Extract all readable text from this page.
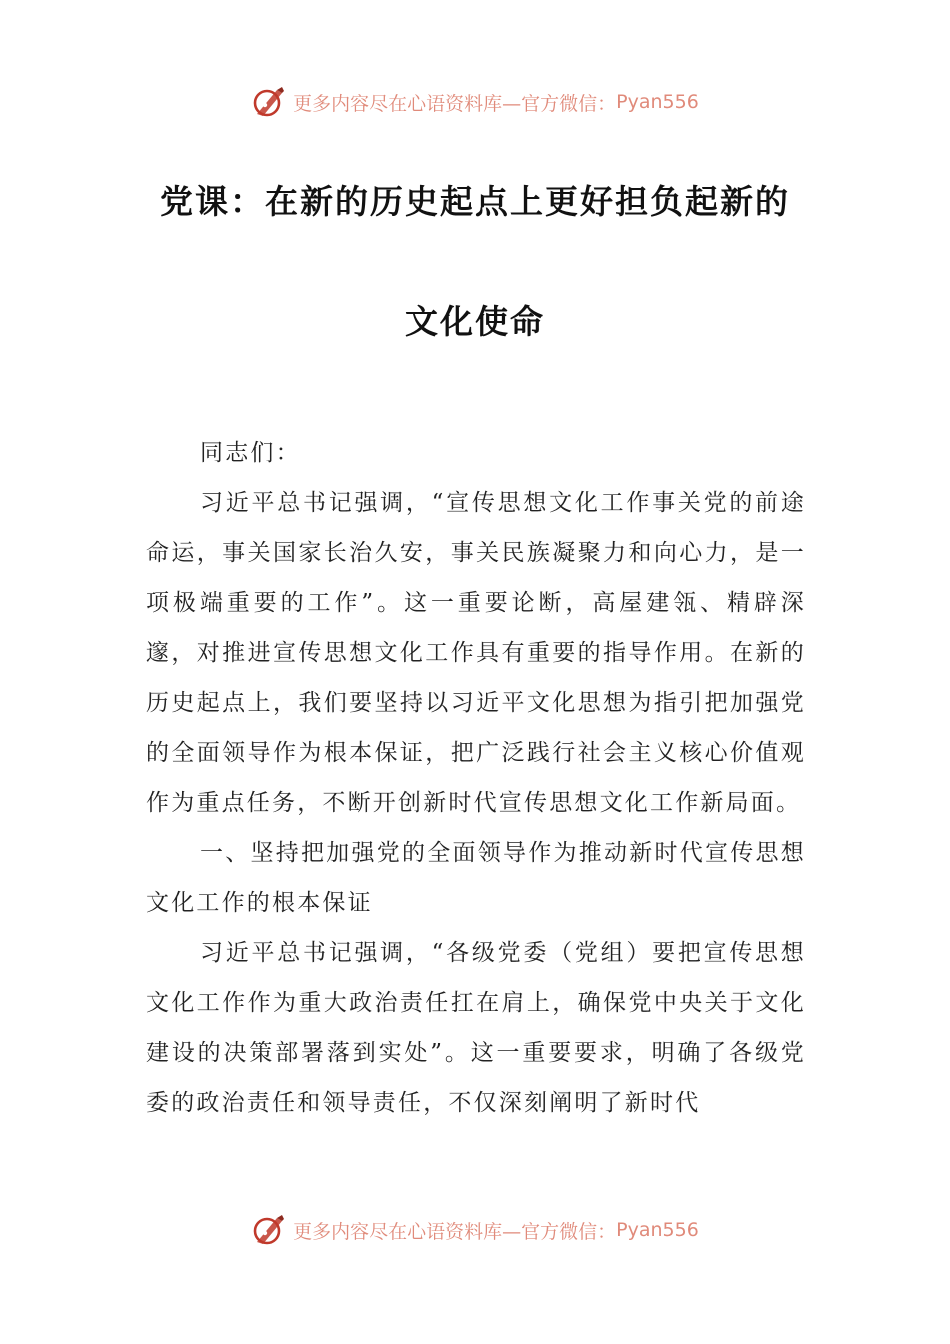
更多内容尽在心语资料库—官方微信： Pyan556
党课：在新的历史起点上更好担负起新的
文化使命

同志们：

习近平总书记强调，“宣传思想文化工作事关党的前途命运，事关国家长治久安，事关民族凝聚力和向心力，是一项极端重要的工作”。这一重要论断，高屋建瓴、精辟深邃，对推进宣传思想文化工作具有重要的指导作用。在新的历史起点上，我们要坚持以习近平文化思想为指引把加强党的全面领导作为根本保证，把广泛践行社会主义核心价值观作为重点任务，不断开创新时代宣传思想文化工作新局面。

一、坚持把加强党的全面领导作为推动新时代宣传思想文化工作的根本保证

习近平总书记强调，“各级党委（党组）要把宣传思想文化工作作为重大政治责任扛在肩上，确保党中央关于文化建设的决策部署落到实处”。这一重要要求，明确了各级党委的政治责任和领导责任，不仅深刻阐明了新时代

更多内容尽在心语资料库—官方微信： Pyan556
